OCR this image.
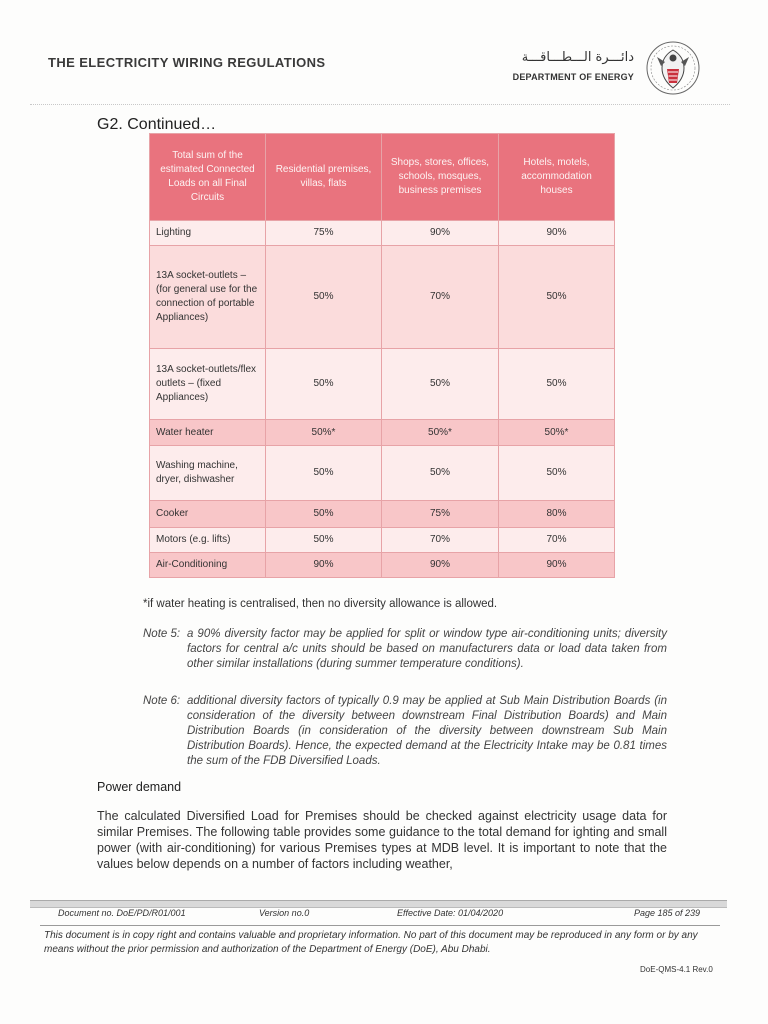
THE ELECTRICITY WIRING REGULATIONS	دائـــرة الـــطـــاقـــة
DEPARTMENT OF ENERGY
G2. Continued…
Total sum of the estimated Connected Loads on all Final Circuits	Residential premises, villas, flats	Shops, stores, offices, schools, mosques, business premises	Hotels, motels, accommodation houses
Lighting	75%	90%	90%
13A socket-outlets – (for general use for the connection of portable Appliances)	50%	70%	50%
13A socket-outlets/flex outlets – (fixed Appliances)	50%	50%	50%
Water heater	50%*	50%*	50%*
Washing machine, dryer, dishwasher	50%	50%	50%
Cooker	50%	75%	80%
Motors (e.g. lifts)	50%	70%	70%
Air-Conditioning	90%	90%	90%
*if water heating is centralised, then no diversity allowance is allowed.
Note 5: a 90% diversity factor may be applied for split or window type air-conditioning units; diversity factors for central a/c units should be based on manufacturers data or load data taken from other similar installations (during summer temperature conditions).
Note 6: additional diversity factors of typically 0.9 may be applied at Sub Main Distribution Boards (in consideration of the diversity between downstream Final Distribution Boards) and Main Distribution Boards (in consideration of the diversity between downstream Sub Main Distribution Boards). Hence, the expected demand at the Electricity Intake may be 0.81 times the sum of the FDB Diversified Loads.
Power demand
The calculated Diversified Load for Premises should be checked against electricity usage data for similar Premises. The following table provides some guidance to the total demand for ighting and small power (with air-conditioning) for various Premises types at MDB level. It is important to note that the values below depends on a number of factors including weather,
Document no. DoE/PD/R01/001	Version no.0	Effective Date: 01/04/2020	Page 185 of 239
This document is in copy right and contains valuable and proprietary information. No part of this document may be reproduced in any form or by any means without the prior permission and authorization of the Department of Energy (DoE), Abu Dhabi.
DoE-QMS-4.1 Rev.0
